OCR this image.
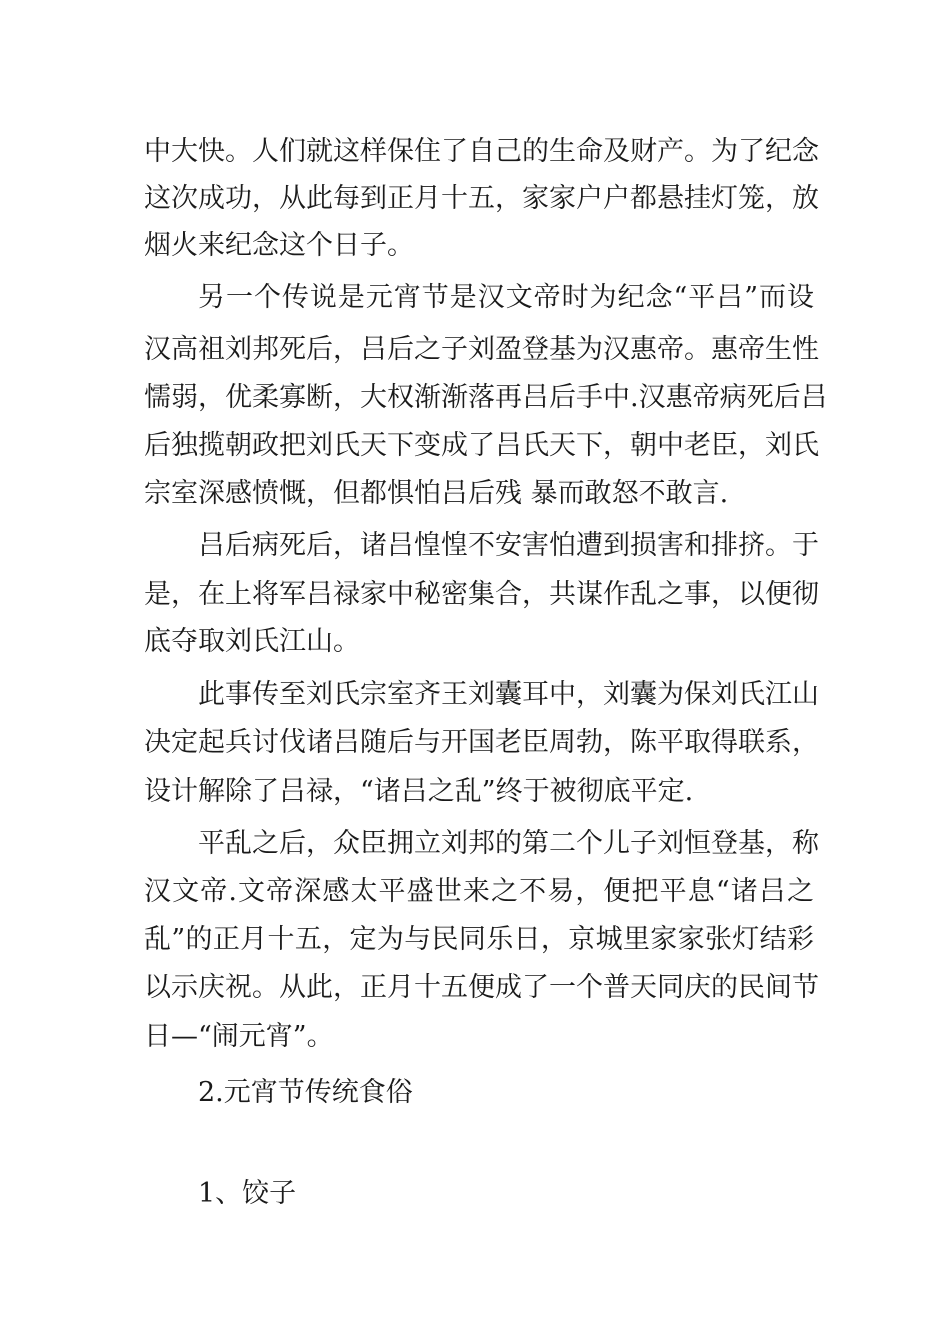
中大快。人们就这样保住了自己的生命及财产。为了纪念
这次成功，从此每到正月十五，家家户户都悬挂灯笼，放
烟火来纪念这个日子。
另一个传说是元宵节是汉文帝时为纪念“平吕”而设
汉高祖刘邦死后，吕后之子刘盈登基为汉惠帝。惠帝生性
懦弱，优柔寡断，大权渐渐落再吕后手中.汉惠帝病死后吕
后独揽朝政把刘氏天下变成了吕氏天下，朝中老臣，刘氏
宗室深感愤慨，但都惧怕吕后残 暴而敢怒不敢言.
吕后病死后，诸吕惶惶不安害怕遭到损害和排挤。于
是，在上将军吕禄家中秘密集合，共谋作乱之事，以便彻
底夺取刘氏江山。
此事传至刘氏宗室齐王刘囊耳中，刘囊为保刘氏江山
决定起兵讨伐诸吕随后与开国老臣周勃，陈平取得联系，
设计解除了吕禄，“诸吕之乱”终于被彻底平定.
平乱之后，众臣拥立刘邦的第二个儿子刘恒登基，称
汉文帝.文帝深感太平盛世来之不易，便把平息“诸吕之
乱”的正月十五，定为与民同乐日，京城里家家张灯结彩
以示庆祝。从此，正月十五便成了一个普天同庆的民间节
日—“闹元宵”。
2.元宵节传统食俗
1、饺子
